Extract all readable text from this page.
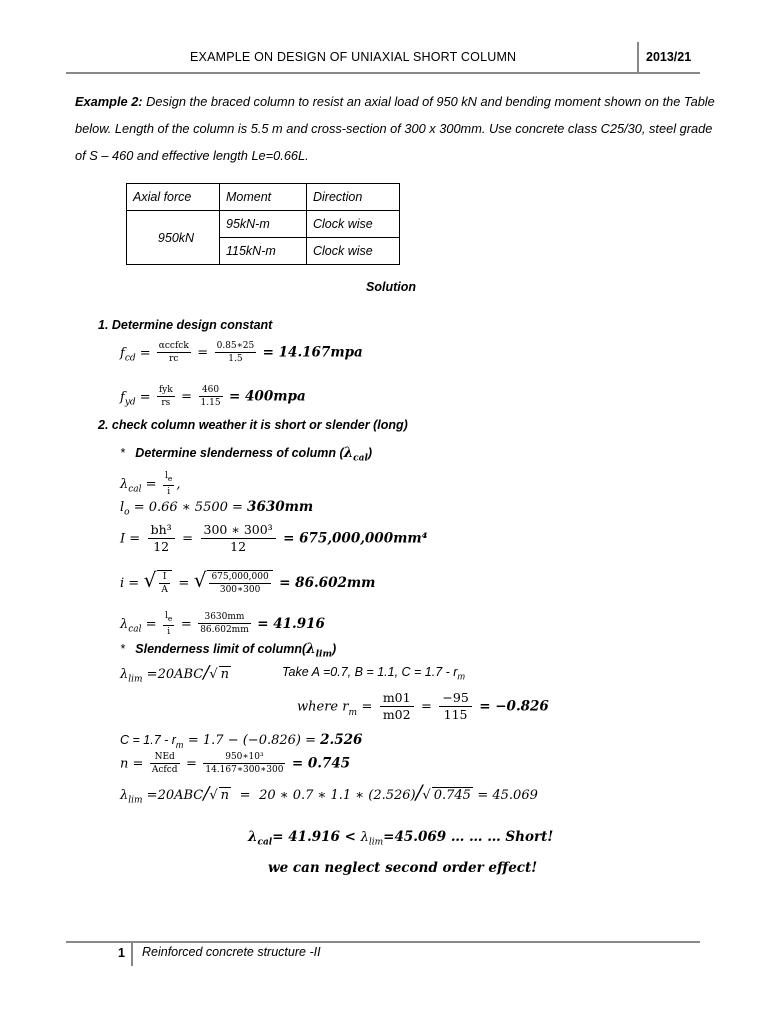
EXAMPLE ON DESIGN OF UNIAXIAL SHORT COLUMN	2013/21
Example 2: Design the braced column to resist an axial load of 950 kN and bending moment shown on the Table below. Length of the column is 5.5 m and cross-section of 300 x 300mm. Use concrete class C25/30, steel grade of S – 460 and effective length Le=0.66L.
Axial force	Moment	Direction
950kN	95kN-m	Clock wise
	115kN-m	Clock wise
Solution
1. Determine design constant
$f_{cd} = \frac{\text{αccfck}}{rc} = \frac{0.85∗25}{1.5} = 14.167mpa$
$f_{yd} = \frac{\text{fyk}}{rs} = \frac{460}{1.15} = 400mpa$
2. check column weather it is short or slender (long)
*   Determine slenderness of column $(\lambda_{cal})$
$\lambda_{cal} = \frac{l_e}{i}$ ,
$l_o = 0.66$ ∗ 5500 = 3630mm
$I = \frac{\text{bh³}}{12} = \frac{\text{300 ∗ 300³}}{12} = 675,000,000mm^4$
i = √ $\frac{I}{A}$ = √ $\frac{675,000,000}{300∗300} = 86.602mm$
$\lambda_{cal} = \frac{l_e}{i} = \frac{3630mm}{86.602mm} = 41.916$
*   Slenderness limit of $column(\lambda_{lim})$
$\lambda_{lim} =20ABC/√$ n	Take A =0.7, B = 1.1, $C = 1.7 - r_m$
where $r_m = \frac{m01}{m02} = \frac{-95}{115} = -0.826$
$C = 1.7 - r_m = 1.7 - (-0.826) = 2.526$
$n = \frac{\text{NEd}}{\text{Acfcd}} = \frac{\text{950∗10³}}{14.167∗300∗300} = 0.745$
$\lambda_{lim} =20ABC/√$ n  =  20 ∗ 0.7 ∗ 1.1 ∗ (2.526)/√ 0.745 = 45.069
$\lambda_{cal}= 41.916 < \lambda_{lim}=45.069$ … … … Short!
we can neglect second order effect!
1 Reinforced concrete structure -II
